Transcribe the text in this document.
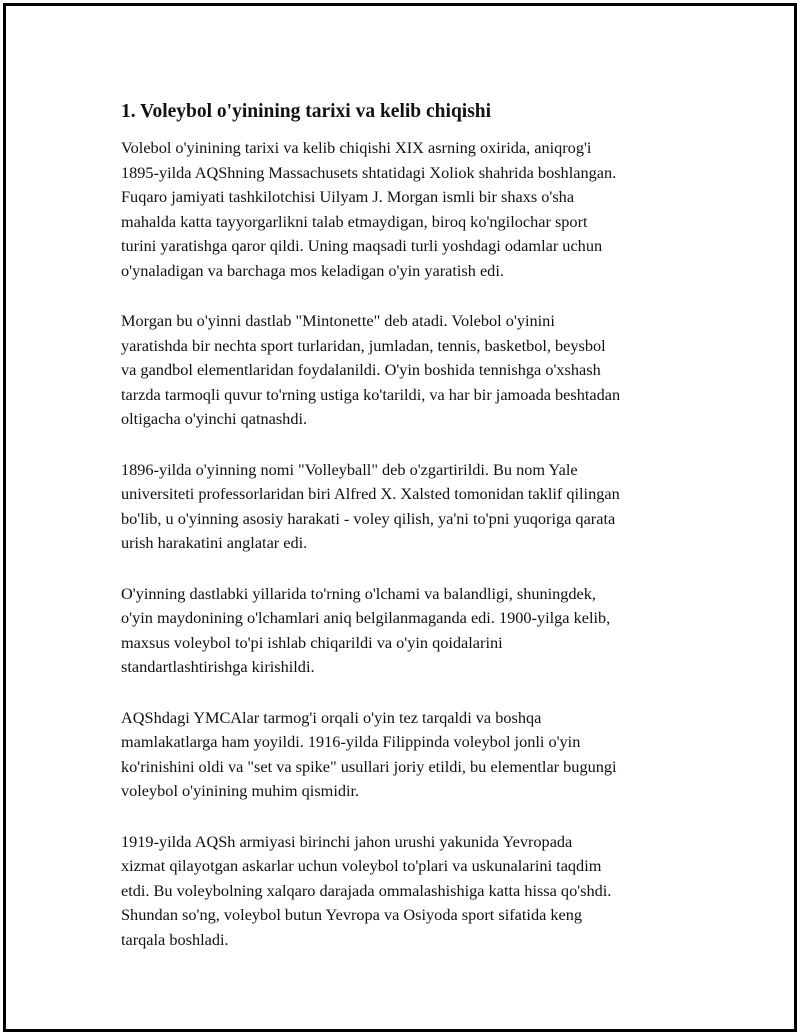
1. Voleybol o'yinining tarixi va kelib chiqishi

Volebol o'yinining tarixi va kelib chiqishi XIX asrning oxirida, aniqrog'i
1895-yilda AQShning Massachusets shtatidagi Xoliok shahrida boshlangan.
Fuqaro jamiyati tashkilotchisi Uilyam J. Morgan ismli bir shaxs o'sha
mahalda katta tayyorgarlikni talab etmaydigan, biroq ko'ngilochar sport
turini yaratishga qaror qildi. Uning maqsadi turli yoshdagi odamlar uchun
o'ynaladigan va barchaga mos keladigan o'yin yaratish edi.

Morgan bu o'yinni dastlab "Mintonette" deb atadi. Volebol o'yinini
yaratishda bir nechta sport turlaridan, jumladan, tennis, basketbol, beysbol
va gandbol elementlaridan foydalanildi. O'yin boshida tennishga o'xshash
tarzda tarmoqli quvur to'rning ustiga ko'tarildi, va har bir jamoada beshtadan
oltigacha o'yinchi qatnashdi.

1896-yilda o'yinning nomi "Volleyball" deb o'zgartirildi. Bu nom Yale
universiteti professorlaridan biri Alfred X. Xalsted tomonidan taklif qilingan
bo'lib, u o'yinning asosiy harakati - voley qilish, ya'ni to'pni yuqoriga qarata
urish harakatini anglatar edi.

O'yinning dastlabki yillarida to'rning o'lchami va balandligi, shuningdek,
o'yin maydonining o'lchamlari aniq belgilanmaganda edi. 1900-yilga kelib,
maxsus voleybol to'pi ishlab chiqarildi va o'yin qoidalarini
standartlashtirishga kirishildi.

AQShdagi YMCAlar tarmog'i orqali o'yin tez tarqaldi va boshqa
mamlakatlarga ham yoyildi. 1916-yilda Filippinda voleybol jonli o'yin
ko'rinishini oldi va "set va spike" usullari joriy etildi, bu elementlar bugungi
voleybol o'yinining muhim qismidir.

1919-yilda AQSh armiyasi birinchi jahon urushi yakunida Yevropada
xizmat qilayotgan askarlar uchun voleybol to'plari va uskunalarini taqdim
etdi. Bu voleybolning xalqaro darajada ommalashishiga katta hissa qo'shdi.
Shundan so'ng, voleybol butun Yevropa va Osiyoda sport sifatida keng
tarqala boshladi.
